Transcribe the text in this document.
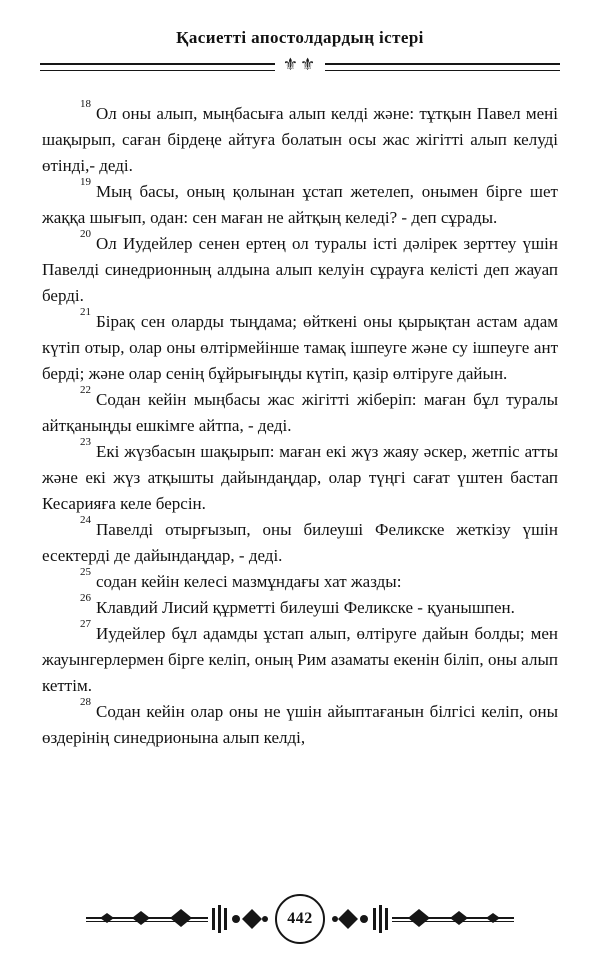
Қасиетті апостолдардың істері
⚜⚜

$^{18}$ Ол оны алып, мыңбасыға алып келді және: тұтқын Павел мені шақырып, саған бірдеңе айтуға болатын осы жас жігітті алып келуді өтінді,- деді.

$^{19}$ Мың басы, оның қолынан ұстап жетелеп, онымен бірге шет жаққа шығып, одан: сен маған не айтқың келеді? - деп сұрады.

$^{20}$ Ол Иудейлер сенен ертең ол туралы істі дәлірек зерттеу үшін Павелді синедрионның алдына алып келуін сұрауға келісті деп жауап берді.

$^{21}$ Бірақ сен оларды тыңдама; өйткені оны қырықтан астам адам күтіп отыр, олар оны өлтірмейінше тамақ ішпеуге және су ішпеуге ант берді; және олар сенің бұйрығыңды күтіп, қазір өлтіруге дайын.

$^{22}$ Содан кейін мыңбасы жас жігітті жіберіп: маған бұл туралы айтқаныңды ешкімге айтпа, - деді.

$^{23}$ Екі жүзбасын шақырып: маған екі жүз жаяу әскер, жетпіс атты және екі жүз атқышты дайындаңдар, олар түңгі сағат үштен бастап Кесарияға келе берсін.

$^{24}$ Павелді отырғызып, оны билеуші Феликске жеткізу үшін есектерді де дайындаңдар, - деді.

$^{25}$ содан кейін келесі мазмұндағы хат жазды:

$^{26}$ Клавдий Лисий құрметті билеуші Феликске - қуанышпен.

$^{27}$ Иудейлер бұл адамды ұстап алып, өлтіруге дайын болды; мен жауынгерлермен бірге келіп, оның Рим азаматы екенін біліп, оны алып кеттім.

$^{28}$ Содан кейін олар оны не үшін айыптағанын білгісі келіп, оны өздерінің синедрионына алып келді,

442
